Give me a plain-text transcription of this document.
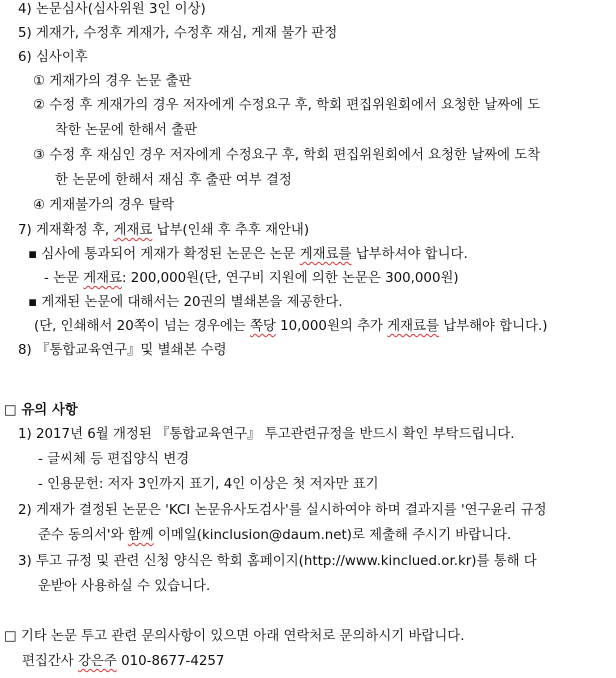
4) 논문심사(심사위원 3인 이상)
5) 게재가, 수정후 게재가, 수정후 재심, 게재 불가 판정
6) 심사이후
① 게재가의 경우 논문 출판
② 수정 후 게재가의 경우 저자에게 수정요구 후, 학회 편집위원회에서 요청한 날짜에 도
착한 논문에 한해서 출판
③ 수정 후 재심인 경우 저자에게 수정요구 후, 학회 편집위원회에서 요청한 날짜에 도착
한 논문에 한해서 재심 후 출판 여부 결정
④ 게재불가의 경우 탈락
7) 게재확정 후, 게재료 납부(인쇄 후 추후 재안내)
▪ 심사에 통과되어 게재가 확정된 논문은 논문 게재료를 납부하셔야 합니다.
- 논문 게재료: 200,000원(단, 연구비 지원에 의한 논문은 300,000원)
▪ 게재된 논문에 대해서는 20권의 별쇄본을 제공한다.
(단, 인쇄해서 20쪽이 넘는 경우에는 쪽당 10,000원의 추가 게재료를 납부해야 합니다.)
8) 『통합교육연구』및 별쇄본 수령
□ 유의 사항
1) 2017년 6월 개정된 『통합교육연구』 투고관련규정을 반드시 확인 부탁드립니다.
- 글씨체 등 편집양식 변경
- 인용문헌: 저자 3인까지 표기, 4인 이상은 첫 저자만 표기
2) 게재가 결정된 논문은 'KCI 논문유사도검사'를 실시하여야 하며 결과지를 '연구윤리 규정
준수 동의서'와 함께 이메일(kinclusion@daum.net)로 제출해 주시기 바랍니다.
3) 투고 규정 및 관련 신청 양식은 학회 홈페이지(http://www.kinclued.or.kr)를 통해 다
운받아 사용하실 수 있습니다.
□ 기타 논문 투고 관련 문의사항이 있으면 아래 연락처로 문의하시기 바랍니다.
편집간사 강은주 010-8677-4257
